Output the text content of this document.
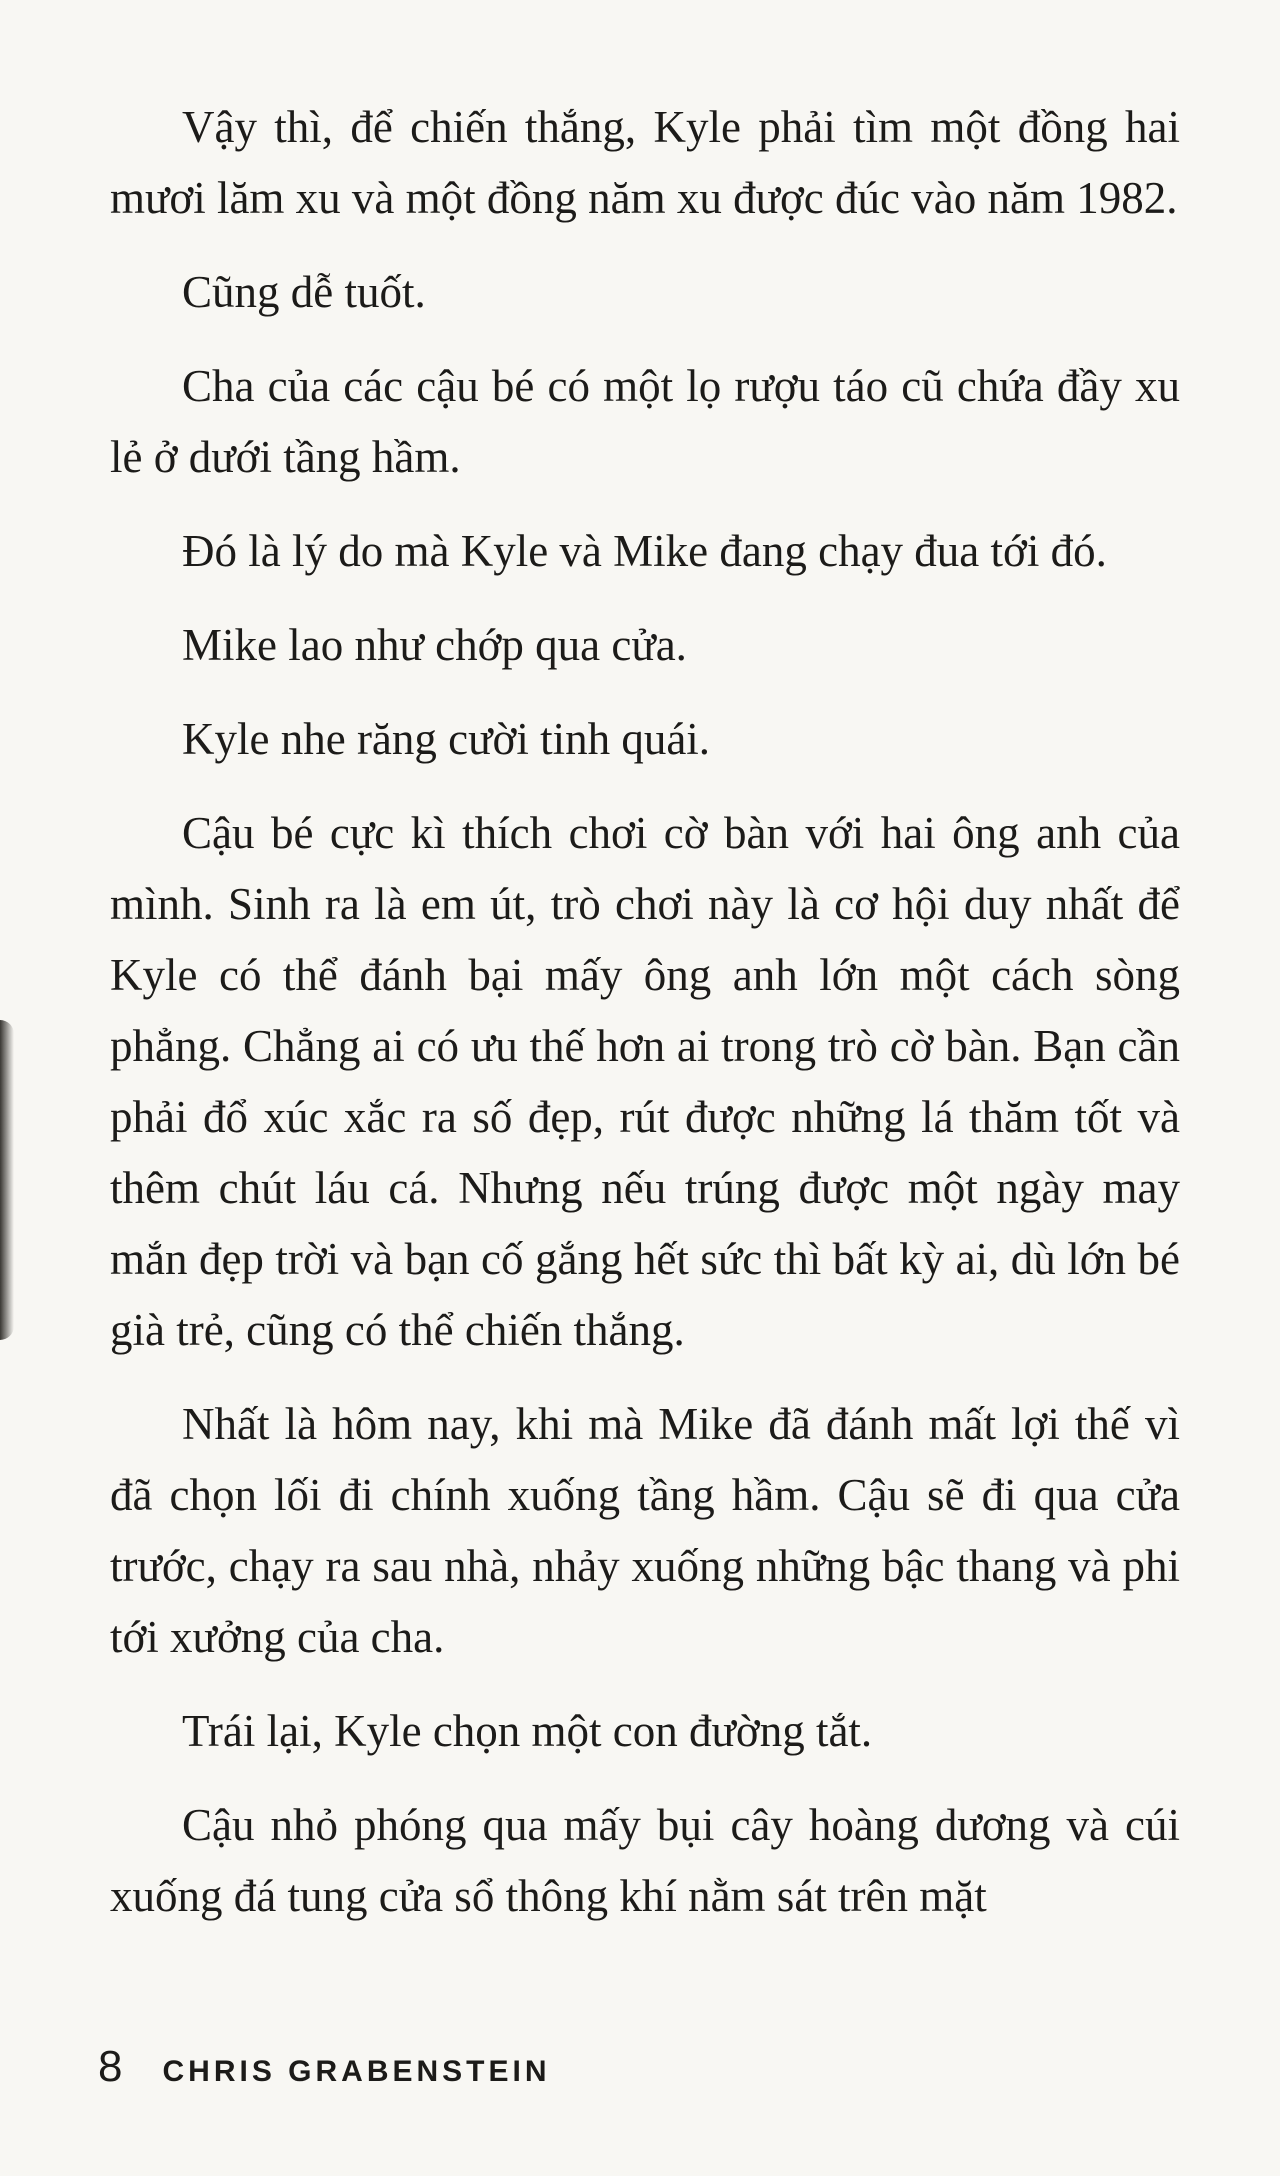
Vậy thì, để chiến thắng, Kyle phải tìm một đồng hai mươi lăm xu và một đồng năm xu được đúc vào năm 1982.

Cũng dễ tuốt.

Cha của các cậu bé có một lọ rượu táo cũ chứa đầy xu lẻ ở dưới tầng hầm.

Đó là lý do mà Kyle và Mike đang chạy đua tới đó.

Mike lao như chớp qua cửa.

Kyle nhe răng cười tinh quái.

Cậu bé cực kì thích chơi cờ bàn với hai ông anh của mình. Sinh ra là em út, trò chơi này là cơ hội duy nhất để Kyle có thể đánh bại mấy ông anh lớn một cách sòng phẳng. Chẳng ai có ưu thế hơn ai trong trò cờ bàn. Bạn cần phải đổ xúc xắc ra số đẹp, rút được những lá thăm tốt và thêm chút láu cá. Nhưng nếu trúng được một ngày may mắn đẹp trời và bạn cố gắng hết sức thì bất kỳ ai, dù lớn bé già trẻ, cũng có thể chiến thắng.

Nhất là hôm nay, khi mà Mike đã đánh mất lợi thế vì đã chọn lối đi chính xuống tầng hầm. Cậu sẽ đi qua cửa trước, chạy ra sau nhà, nhảy xuống những bậc thang và phi tới xưởng của cha.

Trái lại, Kyle chọn một con đường tắt.

Cậu nhỏ phóng qua mấy bụi cây hoàng dương và cúi xuống đá tung cửa sổ thông khí nằm sát trên mặt

8 CHRIS GRABENSTEIN
